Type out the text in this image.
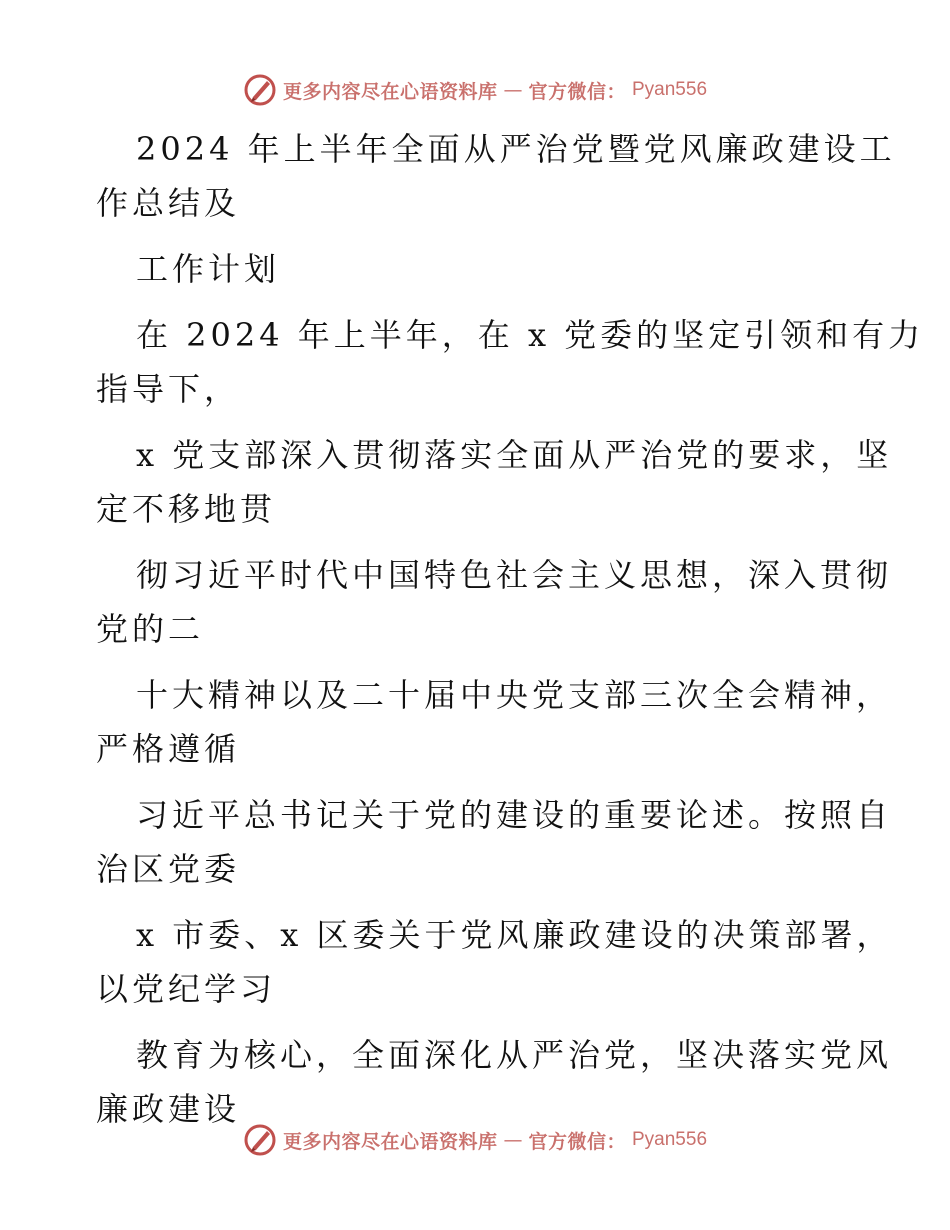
更多内容尽在心语资料库 — 官方微信： Pyan556
2024 年上半年全面从严治党暨党风廉政建设工
作总结及
工作计划
在 2024 年上半年，在 x 党委的坚定引领和有力
指导下，
x 党支部深入贯彻落实全面从严治党的要求，坚
定不移地贯
彻习近平时代中国特色社会主义思想，深入贯彻
党的二
十大精神以及二十届中央党支部三次全会精神，
严格遵循
习近平总书记关于党的建设的重要论述。按照自
治区党委
x 市委、x 区委关于党风廉政建设的决策部署，
以党纪学习
教育为核心，全面深化从严治党，坚决落实党风
廉政建设
更多内容尽在心语资料库 — 官方微信： Pyan556
